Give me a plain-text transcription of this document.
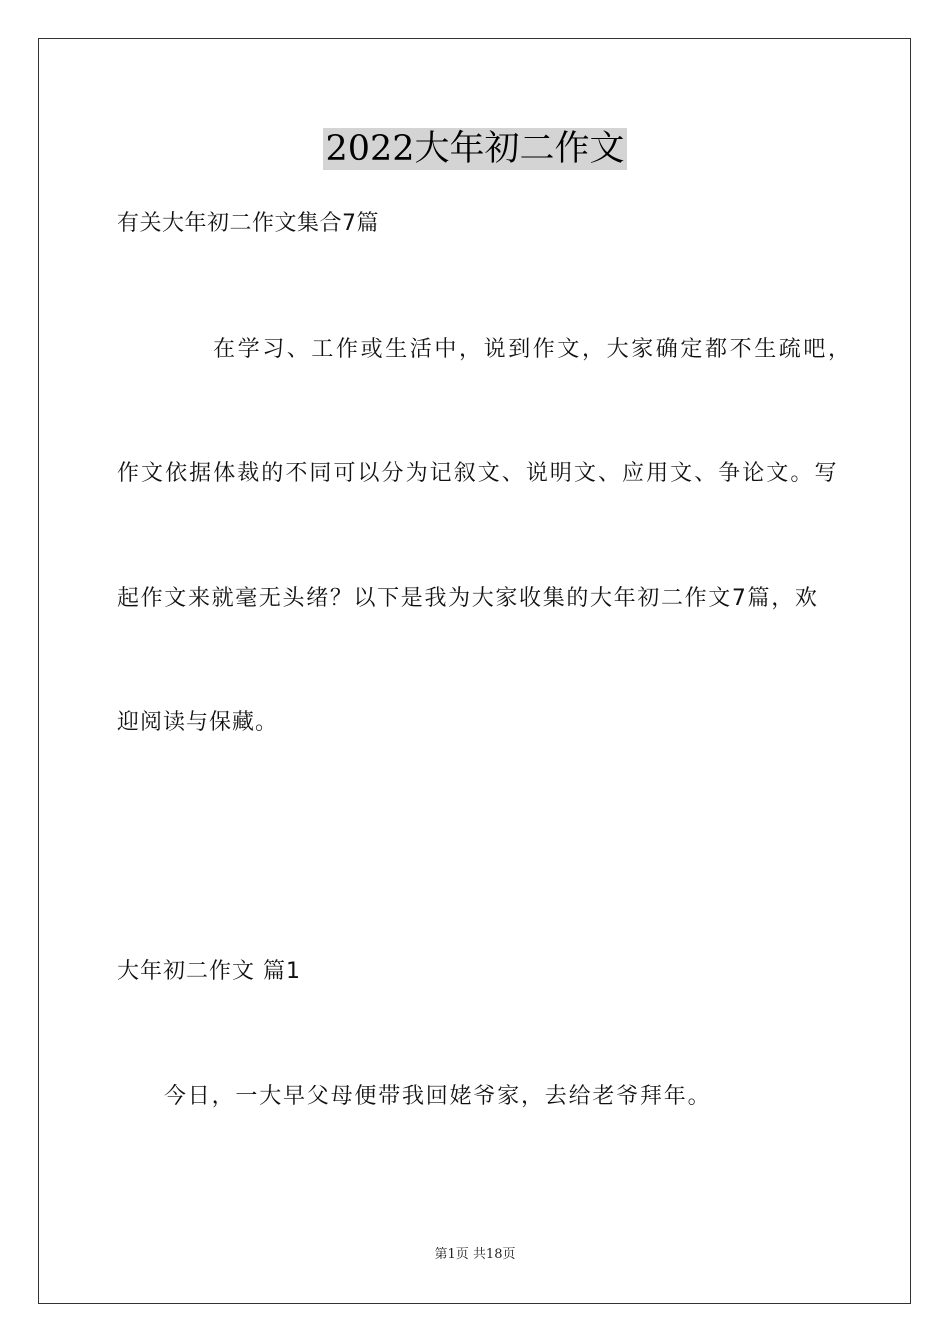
2022大年初二作文
有关大年初二作文集合7篇
在学习、工作或生活中，说到作文，大家确定都不生疏吧，
作文依据体裁的不同可以分为记叙文、说明文、应用文、争论文。写
起作文来就毫无头绪？以下是我为大家收集的大年初二作文7篇，欢
迎阅读与保藏。
大年初二作文 篇1
今日，一大早父母便带我回姥爷家，去给老爷拜年。
第1页 共18页
